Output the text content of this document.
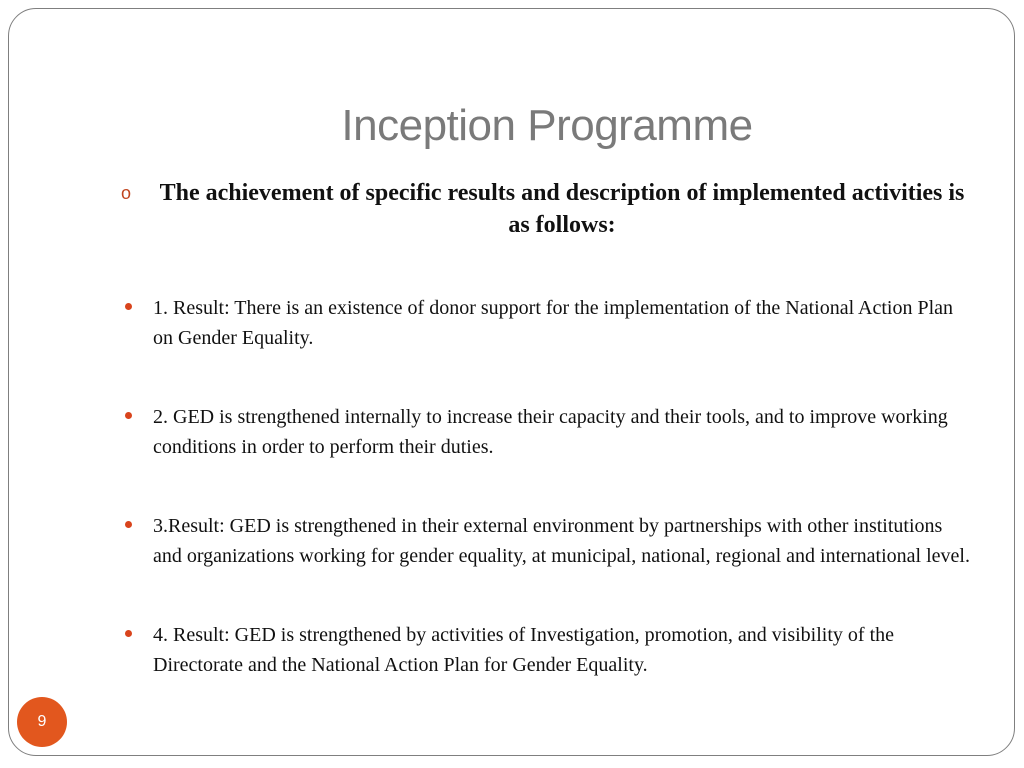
Inception Programme
o	The achievement of specific results and description of implemented activities is as follows:
1. Result: There is an existence of donor support for the implementation of the National Action Plan on Gender Equality.
2. GED is strengthened internally to increase their capacity and their tools, and to improve working conditions in order to perform their duties.
3.Result: GED is strengthened in their external environment by partnerships with other institutions and organizations working for gender equality, at municipal, national, regional and international level.
4. Result: GED is strengthened by activities of Investigation, promotion, and visibility of the Directorate and the National Action Plan for Gender Equality.
9
